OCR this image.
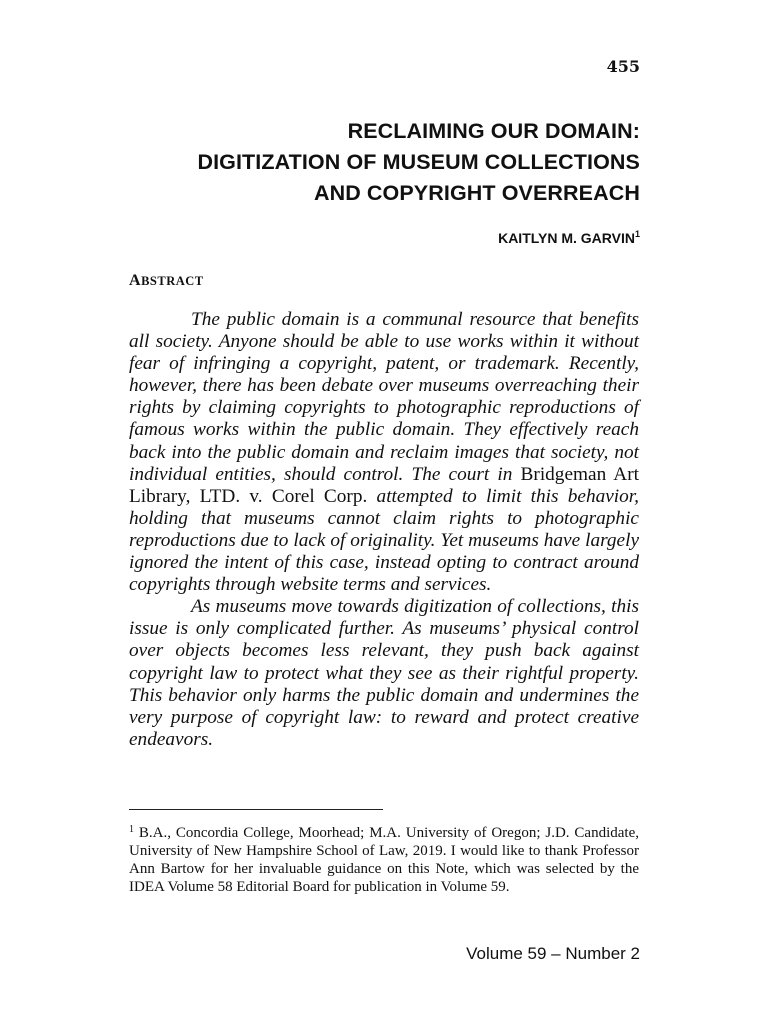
455
RECLAIMING OUR DOMAIN:
DIGITIZATION OF MUSEUM COLLECTIONS
AND COPYRIGHT OVERREACH
KAITLYN M. GARVIN$^1$
ABSTRACT

The public domain is a communal resource that benefits all society. Anyone should be able to use works within it without fear of infringing a copyright, patent, or trademark. Recently, however, there has been debate over museums overreaching their rights by claiming copyrights to photographic reproductions of famous works within the public domain. They effectively reach back into the public domain and reclaim images that society, not individual entities, should control. The court in Bridgeman Art Library, LTD. v. Corel Corp. attempted to limit this behavior, holding that museums cannot claim rights to photographic reproductions due to lack of originality. Yet museums have largely ignored the intent of this case, instead opting to contract around copyrights through website terms and services.

As museums move towards digitization of collections, this issue is only complicated further. As museums’ physical control over objects becomes less relevant, they push back against copyright law to protect what they see as their rightful property. This behavior only harms the public domain and undermines the very purpose of copyright law: to reward and protect creative endeavors.

$^1$ B.A., Concordia College, Moorhead; M.A. University of Oregon; J.D. Candidate, University of New Hampshire School of Law, 2019. I would like to thank Professor Ann Bartow for her invaluable guidance on this Note, which was selected by the IDEA Volume 58 Editorial Board for publication in Volume 59.
Volume 59 – Number 2
